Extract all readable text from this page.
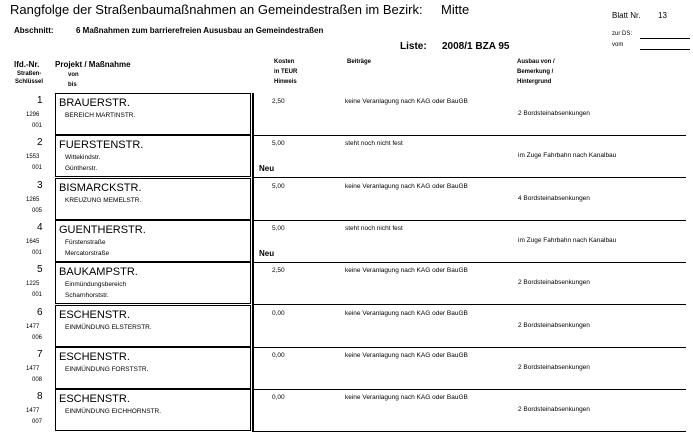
Rangfolge der Straßenbaumaßnahmen an Gemeindestraßen im Bezirk: Mitte	Blatt Nr. 13
Abschnitt:	6 Maßnahmen zum barrierefreien Aususbau an Gemeindestraßen	zur DS:
vom
Liste: 2008/1 BZA 95
lfd.-Nr.
Straßen-
Schlüssel
Projekt / Maßnahme
von
bis
Kosten
in TEUR
Hinweis
Beiträge	Ausbau von /
Bemerkung /
Hintergrund
1
1296
001
BRAUERSTR.
BEREICH MARTINSTR.
2,50	keine Veranlagung nach KAG oder BauGB
2 Bordsteinabsenkungen
2
1553
001
FUERSTENSTR.
Wittekindstr.
Güntherstr.
5,00
Neu
steht noch nicht fest
im Zuge Fahrbahn nach Kanalbau
3
1265
005
BISMARCKSTR.
KREUZUNG MEMELSTR.
5,00	keine Veranlagung nach KAG oder BauGB
4 Bordsteinabsenkungen
4
1645
001
GUENTHERSTR.
Fürstenstraße
Mercatorstraße
5,00
Neu
steht noch nicht fest
im Zuge Fahrbahn nach Kanalbau
5
1225
001
BAUKAMPSTR.
Einmündungsbereich
Scharnhorststr.
2,50	keine Veranlagung nach KAG oder BauGB
2 Bordsteinabsenkungen
6
1477
006
ESCHENSTR.
EINMÜNDUNG ELSTERSTR.
0,00	keine Veranlagung nach KAG oder BauGB
2 Bordsteinabsenkungen
7
1477
008
ESCHENSTR.
EINMÜNDUNG FORSTSTR.
0,00	keine Veranlagung nach KAG oder BauGB
2 Bordsteinabsenkungen
8
1477
007
ESCHENSTR.
EINMÜNDUNG EICHHORNSTR.
0,00	keine Veranlagung nach KAG oder BauGB
2 Bordsteinabsenkungen
